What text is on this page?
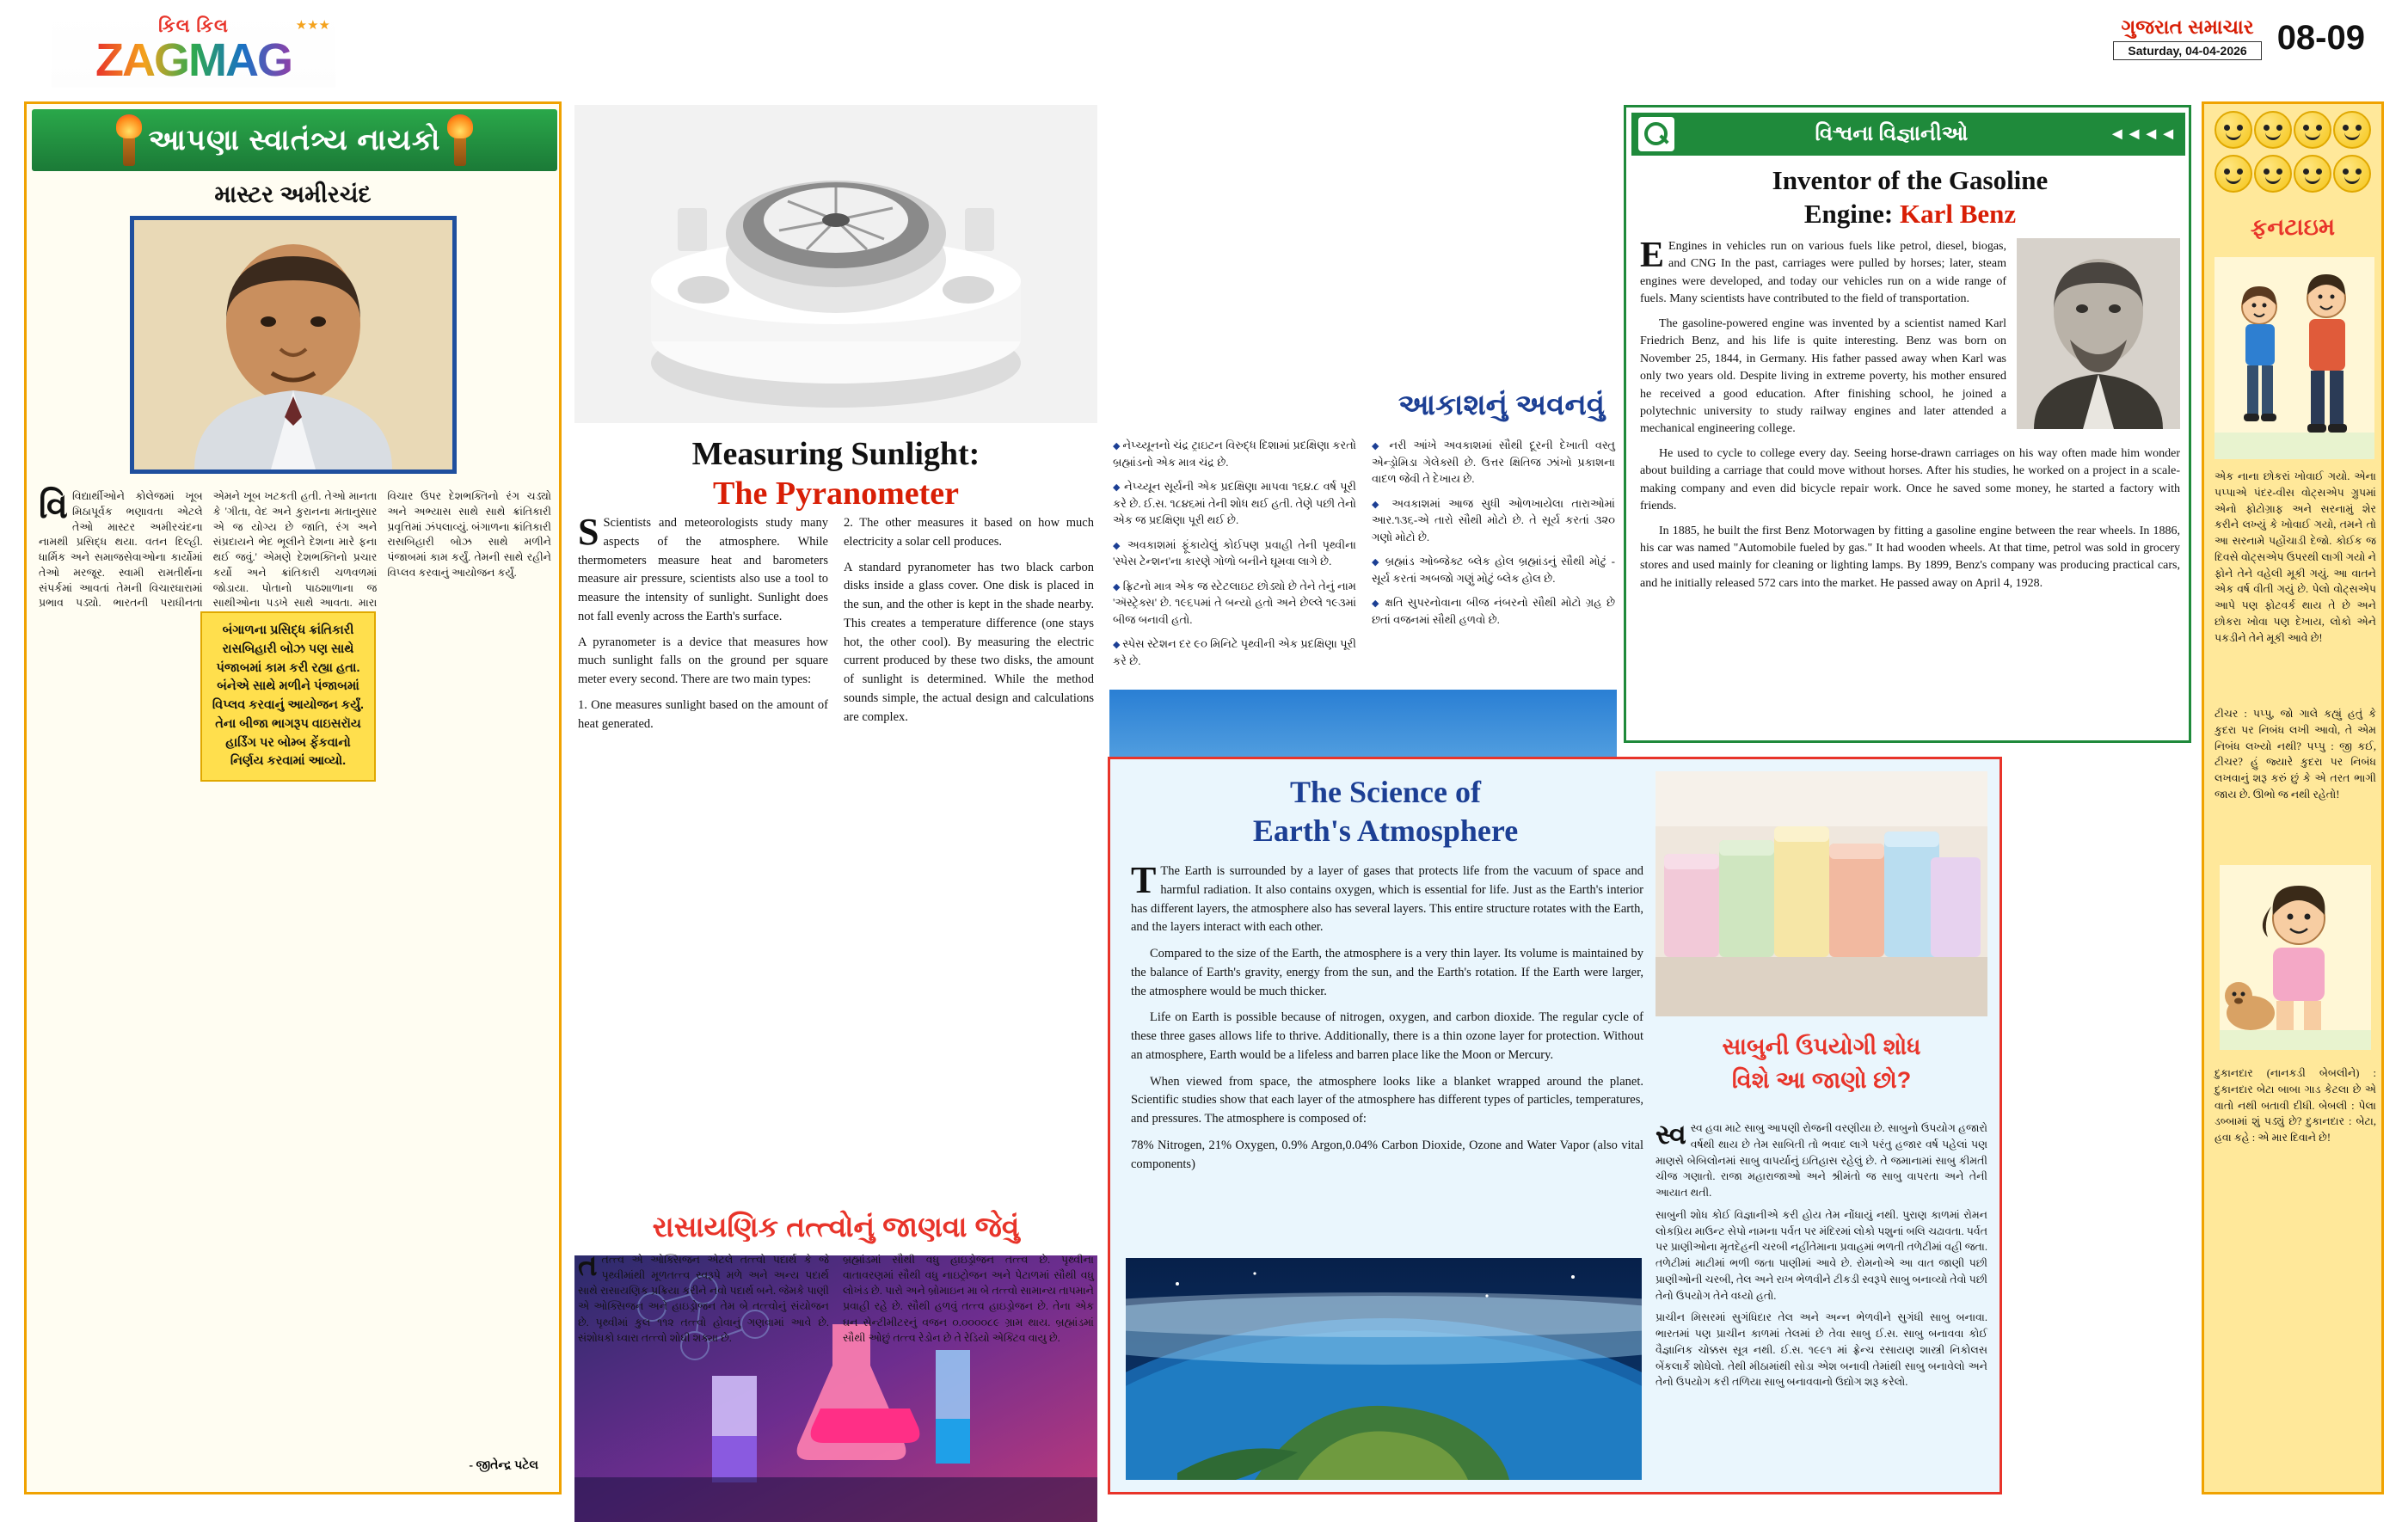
કિલ કિલ
ZAGMAG
★★★	ગુજરાત સમાચાર
Saturday, 04-04-2026 08-09
આપણા સ્વાતંત્ર્ય નાયકો
માસ્ટર અમીરચંદ
વિવિદ્યાર્થીઓને કોલેજમાં ખૂબ મિઠાપૂર્વક ભણાવતા એટલે તેઓ માસ્ટર અમીરચંદના નામથી પ્રસિદ્ધ થયા. વતન દિલ્હી. ધાર્મિક અને સમાજસેવાઓના કાર્યોમાં તેઓ મરજૂર. સ્વામી રામતીર્થના સંપર્કમાં આવતાં તેમની વિચારધારામાં પ્રભાવ પડ્યો. ભારતની પરાધીનતા એમને ખૂબ ખટકતી હતી. તેઓ માનતા કે 'ગીતા, વેદ અને કુરાનના મતાનુસાર એ જ યોગ્ય છે જાતિ, રંગ અને સંપ્રદાયને ભેદ ભૂલીને દેશના મારે ફના થઈ જવું.' એમણે દેશભક્તિનો પ્રચાર કર્યો અને ક્રાંતિકારી ચળવળમાં જોડાયા. પોતાનો પાઠશાળાના જ સાથીઓના પડખે સાથે આવતા. મારા વિચાર ઉપર દેશભક્તિનો રંગ ચડ્યો અને અભ્યાસ સાથે સાથે ક્રાંતિકારી પ્રવૃત્તિમાં ઝંપલાવ્યું. બંગાળના ક્રાંતિકારી રાસબિહારી બોઝ સાથે મળીને પંજાબમાં કામ કર્યું. તેમની સાથે રહીને વિપ્લવ કરવાનું આયોજન કર્યું.
બંગાળના પ્રસિદ્ધ ક્રાંતિકારી રાસબિહારી બોઝ પણ સાથે પંજાબમાં કામ કરી રહ્યા હતા. બંનેએ સાથે મળીને પંજાબમાં વિપ્લવ કરવાનું આયોજન કર્યું. તેના બીજા ભાગરૂપ વાઇસરૉય હાર્ડિંગ પર બોમ્બ ફેંકવાનો નિર્ણય કરવામાં આવ્યો.
- જીતેન્દ્ર પટેલ
Measuring Sunlight:
The Pyranometer

S Scientists and meteorologists study many aspects of the atmosphere. While thermometers measure heat and barometers measure air pressure, scientists also use a tool to measure the intensity of sunlight. Sunlight does not fall evenly across the Earth's surface.

A pyranometer is a device that measures how much sunlight falls on the ground per square meter every second. There are two main types:

1. One measures sunlight based on the amount of heat generated.

2. The other measures it based on how much electricity a solar cell produces.

A standard pyranometer has two black carbon disks inside a glass cover. One disk is placed in the sun, and the other is kept in the shade nearby. This creates a temperature difference (one stays hot, the other cool). By measuring the electric current produced by these two disks, the amount of sunlight is determined. While the method sounds simple, the actual design and calculations are complex.

રાસાયણિક તત્ત્વોનું જાણવા જેવું

તતત્ત્વ એ ઓક્સિજન એટલે તત્ત્વો પદાર્થ કે જે પૃથ્વીમાંથી મૂળતત્ત્વ સ્વરૂપે મળે અને અન્ય પદાર્થ સાથે રાસાયણિક પ્રક્રિયા કરીને નવો પદાર્થ બને. જેમકે પાણી એ ઓક્સિજન અને હાઇડ્રોજન તેમ બે તત્ત્વોનું સંયોજન છે. પૃથ્વીમાં કુલ ૧૧૨ તત્ત્વો હોવાનું ગણવામાં આવે છે. સંશોધકો ધ્વારા તત્ત્વો શોધી શક્યા છે.

બ્રહ્માંડમાં સૌથી વધુ હાઇડ્રોજન તત્ત્વ છે. પૃથ્વીના વાતાવરણમાં સૌથી વધુ નાઇટ્રોજન અને પેટાળમાં સૌથી વધુ લોખંડ છે. પારો અને બ્રોમાઇન મા બે તત્ત્વો સામાન્ય તાપમાને પ્રવાહી રહે છે. સૌથી હળવું તત્ત્વ હાઇડ્રોજન છે. તેના એક ઘન સેન્ટીમીટરનું વજન ૦.૦૦૦૦૮૯ ગ્રામ થાય. બ્રહ્માંડમાં સૌથી ઓછું તત્ત્વ રેડોન છે તે રેડિયો એક્ટિવ વાયુ છે.

આકાશનું અવનવું
◆ નેપ્ચ્યૂનનો ચંદ્ર ટ્રાઇટન વિરુદ્ધ દિશામાં પ્રદક્ષિણા કરતો બ્રહ્માંડનો એક માત્ર ચંદ્ર છે.
◆ નેપ્ચ્યૂન સૂર્યની એક પ્રદક્ષિણા માપવા ૧૬૪.૮ વર્ષ પૂરી કરે છે. ઈ.સ. ૧૮૪૬માં તેની શોધ થઈ હતી. તેણે પછી તેનો એક જ પ્રદક્ષિણા પૂરી થઈ છે.
◆ અવકાશમાં ફૂંકાયેલું કોઈપણ પ્રવાહી તેની પૃથ્વીના 'સ્પેસ ટેન્શન'ના કારણે ગોળો બનીને ઘૂમવા લાગે છે.
◆ ફ્રિટનો માત્ર એક જ સ્ટેટલાઇટ છોડ્યો છે તેને તેનું નામ 'ઍસ્ટ્રેક્સ' છે. ૧૯૬૫માં તે બન્યો હતો અને છેલ્લે ૧૯૩માં બીજ બનાવી હતો.
◆ સ્પેસ સ્ટેશન દર ૯૦ મિનિટે પૃથ્વીની એક પ્રદક્ષિણા પૂરી કરે છે.
◆ નરી આંખે અવકાશમાં સૌથી દૂરની દેખાતી વસ્તુ એન્ડ્રોમિડા ગેલેક્સી છે. ઉત્તર ક્ષિતિજ ઝાંખો પ્રકાશના વાદળ જેવી તે દેખાય છે.
◆ અવકાશમાં આજ સુધી ઓળખાયેલા તારાઓમાં આર.૧૩૬-એ તારો સૌથી મોટો છે. તે સૂર્ય કરતાં ૩૨૦ ગણો મોટો છે.
◆ બ્રહ્માંડ ઓબ્જેક્ટ બ્લેક હોલ બ્રહ્માંડનું સૌથી મોટું - સૂર્ય કરતાં અબજો ગણું મોટું બ્લેક હોલ છે.
◆ ક્ષતિ સુપરનોવાના બીજ નંબરનો સૌથી મોટો ગ્રહ છે છતાં વજનમાં સૌથી હળવો છે.
The Science of
Earth's Atmosphere

T The Earth is surrounded by a layer of gases that protects life from the vacuum of space and harmful radiation. It also contains oxygen, which is essential for life. Just as the Earth's interior has different layers, the atmosphere also has several layers. This entire structure rotates with the Earth, and the layers interact with each other.

Compared to the size of the Earth, the atmosphere is a very thin layer. Its volume is maintained by the balance of Earth's gravity, energy from the sun, and the Earth's rotation. If the Earth were larger, the atmosphere would be much thicker.

Life on Earth is possible because of nitrogen, oxygen, and carbon dioxide. The regular cycle of these three gases allows life to thrive. Additionally, there is a thin ozone layer for protection. Without an atmosphere, Earth would be a lifeless and barren place like the Moon or Mercury.

When viewed from space, the atmosphere looks like a blanket wrapped around the planet. Scientific studies show that each layer of the atmosphere has different types of particles, temperatures, and pressures. The atmosphere is composed of:

78% Nitrogen, 21% Oxygen, 0.9% Argon,0.04% Carbon Dioxide, Ozone and Water Vapor (also vital components)

સાબુની ઉપયોગી શોધ
વિશે આ જાણો છો?

સ્વ સ્વ હવા માટે સાબુ આપણી રોજની વરણીયા છે. સાબુનો ઉપયોગ હજારો વર્ષથી થાય છે તેમ સાબિતી તો ભવાદ લાગે પરંતુ હજાર વર્ષ પહેલાં પણ માણસે બેબિલોનમાં સાબુ વાપર્યાનું ઇતિહાસ રહેલું છે. તે જમાનામાં સાબુ કીમતી ચીજ ગણાતો. રાજા મહારાજાઓ અને શ્રીમંતો જ સાબુ વાપરતા અને તેની આયાત થતી.

સાબુની શોધ કોઈ વિજ્ઞાનીએ કરી હોય તેમ નોંધાયું નથી. પુરાણ કાળમાં રોમન લોકપ્રિય માઉન્ટ સેપો નામના પર્વત પર મંદિરમાં લોકો પશુનાં બલિ ચઢાવતા. પર્વત પર પ્રાણીઓના મૃતદેહની ચરબી નહીંતેમાના પ્રવાહમાં ભળતી તળેટીમાં વહી જતા. તળેટીમાં માટીમાં ભળી જતા પાણીમાં આવે છે. રોમનોએ આ વાત જાણી પછી પ્રાણીઓની ચરબી, તેલ અને રાખ ભેળવીને ટીકડી સ્વરૂપે સાબુ બનાવ્યો તેવો પછી તેનો ઉપયોગ તેને વધ્યો હતો.

પ્રાચીન મિસરમાં સુગંધિદાર તેલ અને અન્ન ભેળવીને સુગંધી સાબુ બનાવા. ભારતમાં પણ પ્રાચીન કાળમાં તેલમાં છે તેવા સાબુ ઈ.સ. સાબુ બનાવવા કોઈ વૈજ્ઞાનિક ચોક્કસ સૂત્ર નથી. ઈ.સ. ૧૯૯૧ માં ફ્રેન્ચ રસાયણ શાસ્ત્રી નિકોલસ બેંકલાર્કે શોધેલો. તેથી મીઠામાંથી સોડા એશ બનાવી તેમાંથી સાબુ બનાવેલો અને તેનો ઉપયોગ કરી તળિયા સાબુ બનાવવાનો ઉદ્યોગ શરૂ કરેલો.

વિશ્વના વિજ્ઞાનીઓ	◄◄◄◄
Inventor of the Gasoline
Engine: Karl Benz

E Engines in vehicles run on various fuels like petrol, diesel, biogas, and CNG In the past, carriages were pulled by horses; later, steam engines were developed, and today our vehicles run on a wide range of fuels. Many scientists have contributed to the field of transportation.

The gasoline-powered engine was invented by a scientist named Karl Friedrich Benz, and his life is quite interesting. Benz was born on November 25, 1844, in Germany. His father passed away when Karl was only two years old. Despite living in extreme poverty, his mother ensured he received a good education. After finishing school, he joined a polytechnic university to study railway engines and later attended a mechanical engineering college.

He used to cycle to college every day. Seeing horse-drawn carriages on his way often made him wonder about building a carriage that could move without horses. After his studies, he worked on a project in a scale-making company and even did bicycle repair work. Once he saved some money, he started a factory with friends.

In 1885, he built the first Benz Motorwagen by fitting a gasoline engine between the rear wheels. In 1886, his car was named "Automobile fueled by gas." It had wooden wheels. At that time, petrol was sold in grocery stores and used mainly for cleaning or lighting lamps. By 1899, Benz's company was producing practical cars, and he initially released 572 cars into the market. He passed away on April 4, 1928.

ફનટાઇમ
એક નાના છોકરાં ખોવાઈ ગયો. એના પપ્પાએ પંદર-વીસ વોટ્સએપ ગ્રુપમાં એનો ફોટોગ્રાફ અને સરનામું શેર કરીને લખ્યું કે ખોવાઈ ગયો, તમને તો આ સરનામે પહોંચાડી દેજો. કોઈક જ દિવસે વોટ્સએપ ઉપરથી લાગી ગયો ને ફોને તેને વહેલી મૂકી ગયું. આ વાતને એક વર્ષ વીતી ગયું છે. પેલો વોટ્સએપ આપે પણ ફોટવર્ક થાય તે છે અને છોકરા ખોવા પણ દેખાય, લોકો એને પકડીને તેને મૂકી આવે છે!
ટીચર : પપ્પુ, જો ગાલે કહ્યું હતું કે કુદરા પર નિબંધ લખી આવો, તે એમ નિબંધ લખ્યો નથી? પપ્પુ : જી કઈ, ટીચર? હું જ્યારે કુદરા પર નિબંધ લખવાનું શરૂ કરું છું કે એ તરત ભાગી જાય છે. ઊભો જ નથી રહેતો!
દુકાનદાર (નાનકડી બેબલીને) : દુકાનદાર બેટા બાબા ગાડ કેટલા છે એ વાતો નથી બતાવી દીધી. બેબલી : પેલા ડબ્બામાં શું પડ્યું છે? દુકાનદાર : બેટા, હવા કહે : એ માર દિવાને છે!
